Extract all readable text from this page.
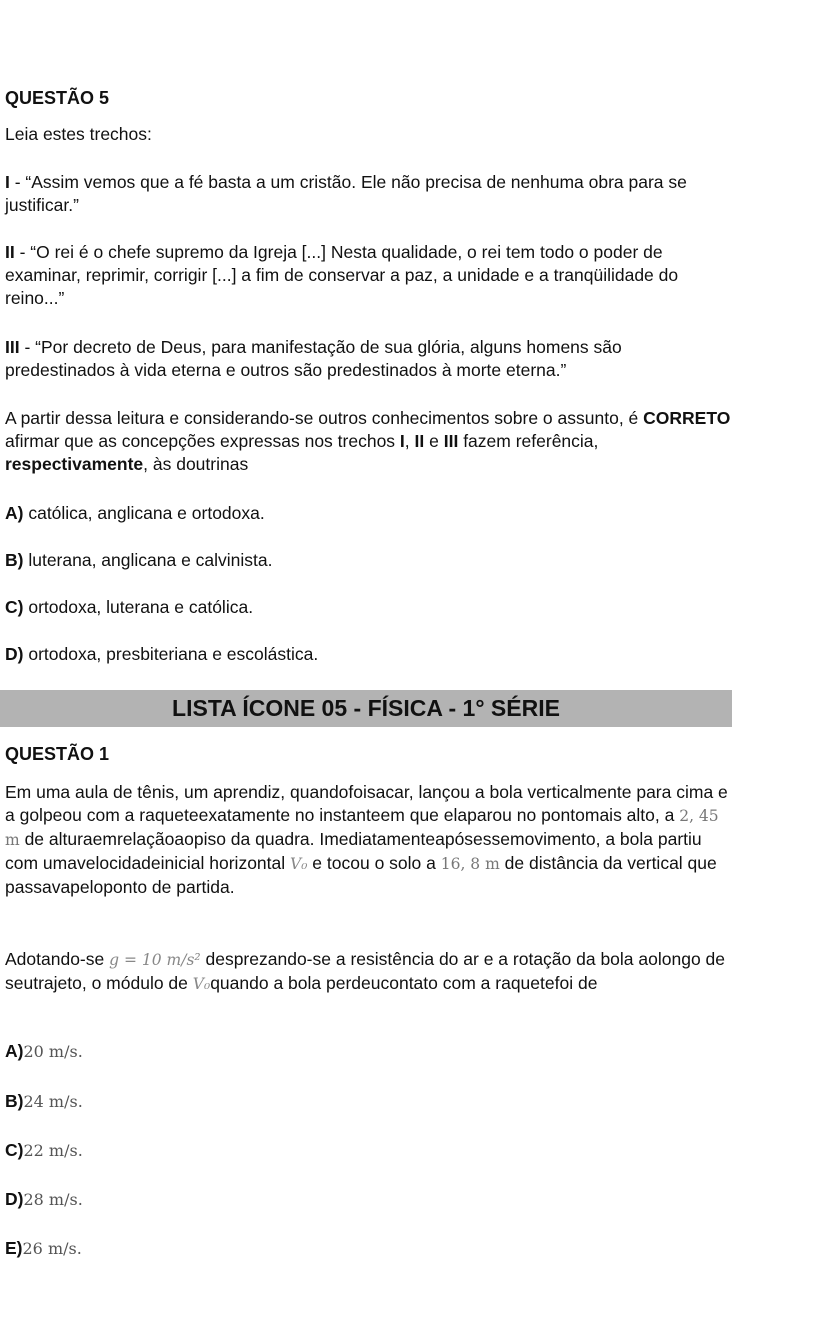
QUESTÃO 5
Leia estes trechos:
I - “Assim vemos que a fé basta a um cristão. Ele não precisa de nenhuma obra para se justificar.”
II - “O rei é o chefe supremo da Igreja [...] Nesta qualidade, o rei tem todo o poder de examinar, reprimir, corrigir [...] a fim de conservar a paz, a unidade e a tranqüilidade do reino...”
III - “Por decreto de Deus, para manifestação de sua glória, alguns homens são predestinados à vida eterna e outros são predestinados à morte eterna.”
A partir dessa leitura e considerando-se outros conhecimentos sobre o assunto, é CORRETO afirmar que as concepções expressas nos trechos I, II e III fazem referência, respectivamente, às doutrinas
A) católica, anglicana e ortodoxa.
B) luterana, anglicana e calvinista.
C) ortodoxa, luterana e católica.
D) ortodoxa, presbiteriana e escolástica.
LISTA ÍCONE 05 - FÍSICA - 1° SÉRIE
QUESTÃO 1
Em uma aula de tênis, um aprendiz, quandofoisacar, lançou a bola verticalmente para cima e a golpeou com a raqueteexatamente no instanteem que elaparou no pontomais alto, a 2, 45 m de alturaemrelaçãoaopiso da quadra. Imediatamenteapósessemovimento, a bola partiu com umavelocidadeinicial horizontal V₀ e tocou o solo a 16, 8 m de distância da vertical que passavapeloponto de partida.
Adotando-se g = 10 m/s² desprezando-se a resistência do ar e a rotação da bola aolongo de seutrajeto, o módulo de V₀quando a bola perdeucontato com a raquetefoi de
A)20 m/s.
B)24 m/s.
C)22 m/s.
D)28 m/s.
E)26 m/s.
